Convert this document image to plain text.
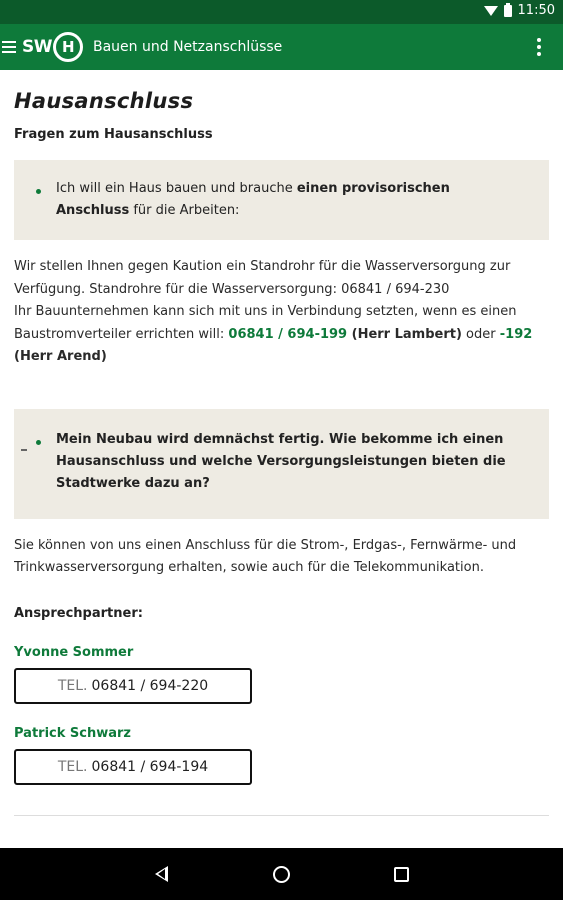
11:50
SW H	Bauen und Netzanschlüsse
Hausanschluss
Fragen zum Hausanschluss
Ich will ein Haus bauen und brauche einen provisorischen Anschluss für die Arbeiten:
Wir stellen Ihnen gegen Kaution ein Standrohr für die Wasserversorgung zur Verfügung. Standrohre für die Wasserversorgung: 06841 / 694-230
Ihr Bauunternehmen kann sich mit uns in Verbindung setzten, wenn es einen Baustromverteiler errichten will: 06841 / 694-199 (Herr Lambert) oder -192 (Herr Arend)
Mein Neubau wird demnächst fertig. Wie bekomme ich einen Hausanschluss und welche Versorgungsleistungen bieten die Stadtwerke dazu an?
Sie können von uns einen Anschluss für die Strom-, Erdgas-, Fernwärme- und Trinkwasserversorgung erhalten, sowie auch für die Telekommunikation.
Ansprechpartner:
Yvonne Sommer
TEL. 06841 / 694-220
Patrick Schwarz
TEL. 06841 / 694-194
